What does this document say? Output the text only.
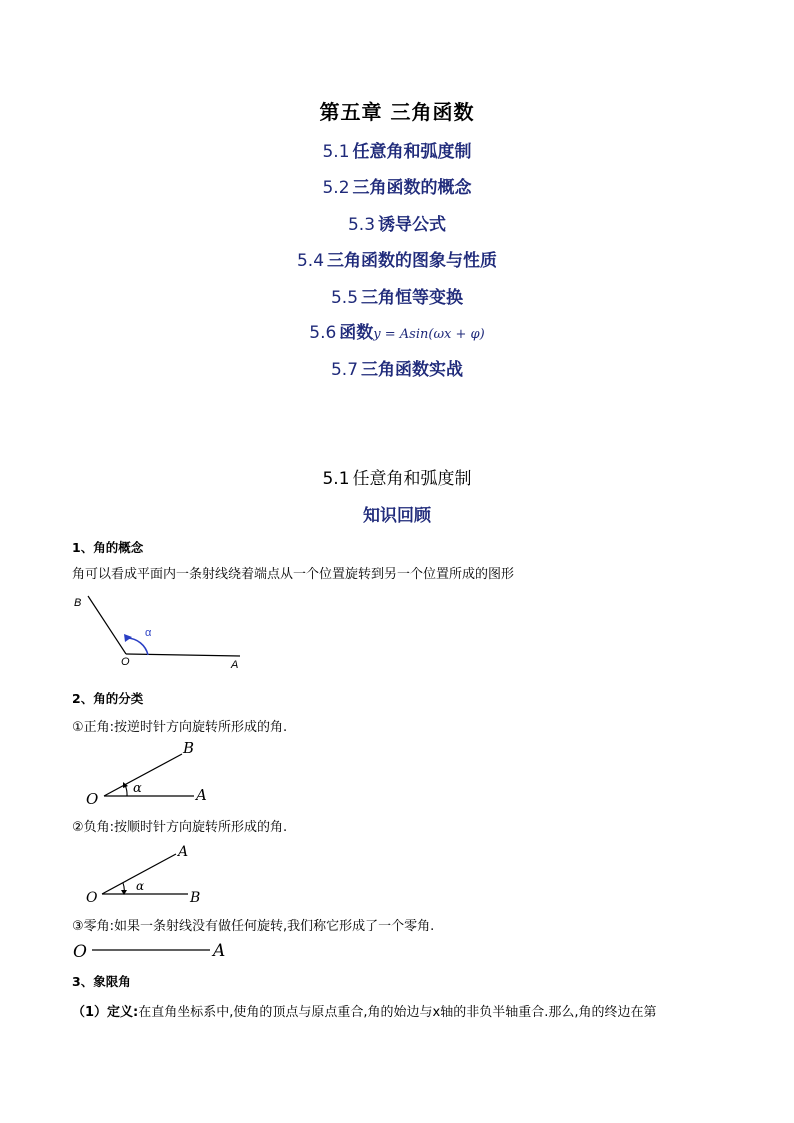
第五章 三角函数
5.1 任意角和弧度制
5.2 三角函数的概念
5.3 诱导公式
5.4 三角函数的图象与性质
5.5 三角恒等变换
5.6 函数y = Asin(ωx + φ)
5.7 三角函数实战
5.1 任意角和弧度制
知识回顾
1、角的概念
角可以看成平面内一条射线绕着端点从一个位置旋转到另一个位置所成的图形
B
O	A
α
2、角的分类
①正角:按逆时针方向旋转所形成的角.
O	A
B
α
②负角:按顺时针方向旋转所形成的角.
O
A
B
α
③零角:如果一条射线没有做任何旋转,我们称它形成了一个零角.
O	A
3、象限角
（1）定义:在直角坐标系中,使角的顶点与原点重合,角的始边与x轴的非负半轴重合.那么,角的终边在第
